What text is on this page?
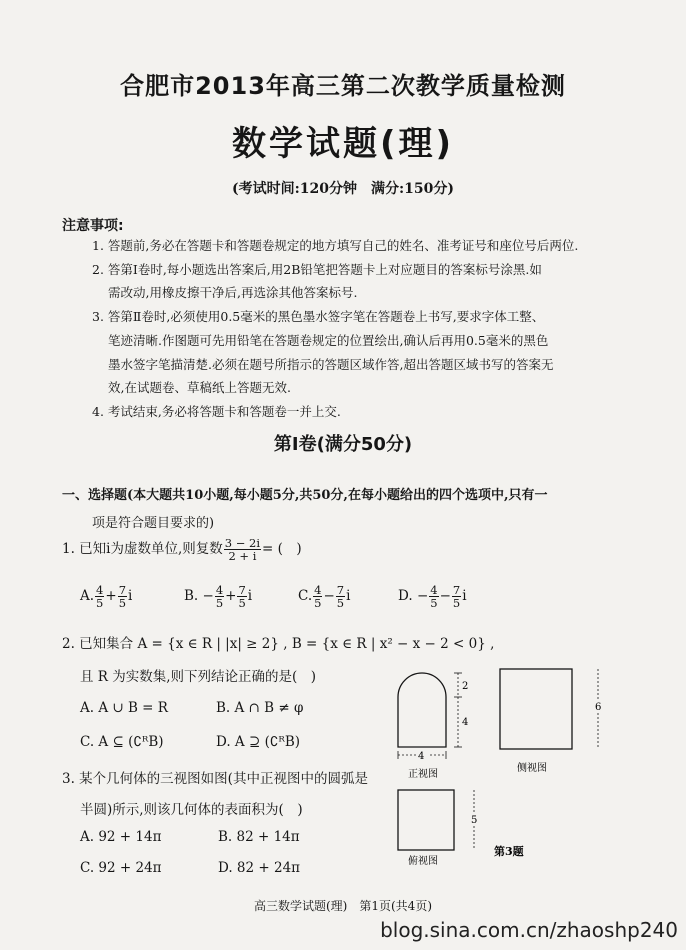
合肥市2013年高三第二次教学质量检测
数学试题(理)
(考试时间:120分钟　满分:150分)
注意事项:
1. 答题前,务必在答题卡和答题卷规定的地方填写自己的姓名、准考证号和座位号后两位.
2. 答第Ⅰ卷时,每小题选出答案后,用2B铅笔把答题卡上对应题目的答案标号涂黑.如
需改动,用橡皮擦干净后,再选涂其他答案标号.
3. 答第Ⅱ卷时,必须使用0.5毫米的黑色墨水签字笔在答题卷上书写,要求字体工整、
笔迹清晰.作图题可先用铅笔在答题卷规定的位置绘出,确认后再用0.5毫米的黑色
墨水签字笔描清楚.必须在题号所指示的答题区域作答,超出答题区域书写的答案无
效,在试题卷、草稿纸上答题无效.
4. 考试结束,务必将答题卡和答题卷一并上交.
第Ⅰ卷(满分50分)
一、选择题(本大题共10小题,每小题5分,共50分,在每小题给出的四个选项中,只有一
项是符合题目要求的)
1. 已知i为虚数单位,则复数 $\frac{3 - 2i}{2 + i}$ = (　)
A. $\frac{4}{5} + \frac{7}{5}$ i	B. − $\frac{4}{5} + \frac{7}{5}$ i	C. $\frac{4}{5} - \frac{7}{5}$ i	D. − $\frac{4}{5} - \frac{7}{5}$ i
2. 已知集合 A = {x ∈ R | |x| ≥ 2} , B = {x ∈ R | x² − x − 2 < 0} ,
且 R 为实数集,则下列结论正确的是(　)
A. A ∪ B = R	B. A ∩ B ≠ φ
C. A ⊆ (∁ᴿB)	D. A ⊇ (∁ᴿB)
3. 某个几何体的三视图如图(其中正视图中的圆弧是
半圆)所示,则该几何体的表面积为(　)
A. 92 + 14π	B. 82 + 14π
C. 92 + 24π	D. 82 + 24π
2
4
4
正视图
6
侧视图
5
俯视图
第3题
高三数学试题(理)　第1页(共4页)
blog.sina.com.cn/zhaoshp240
